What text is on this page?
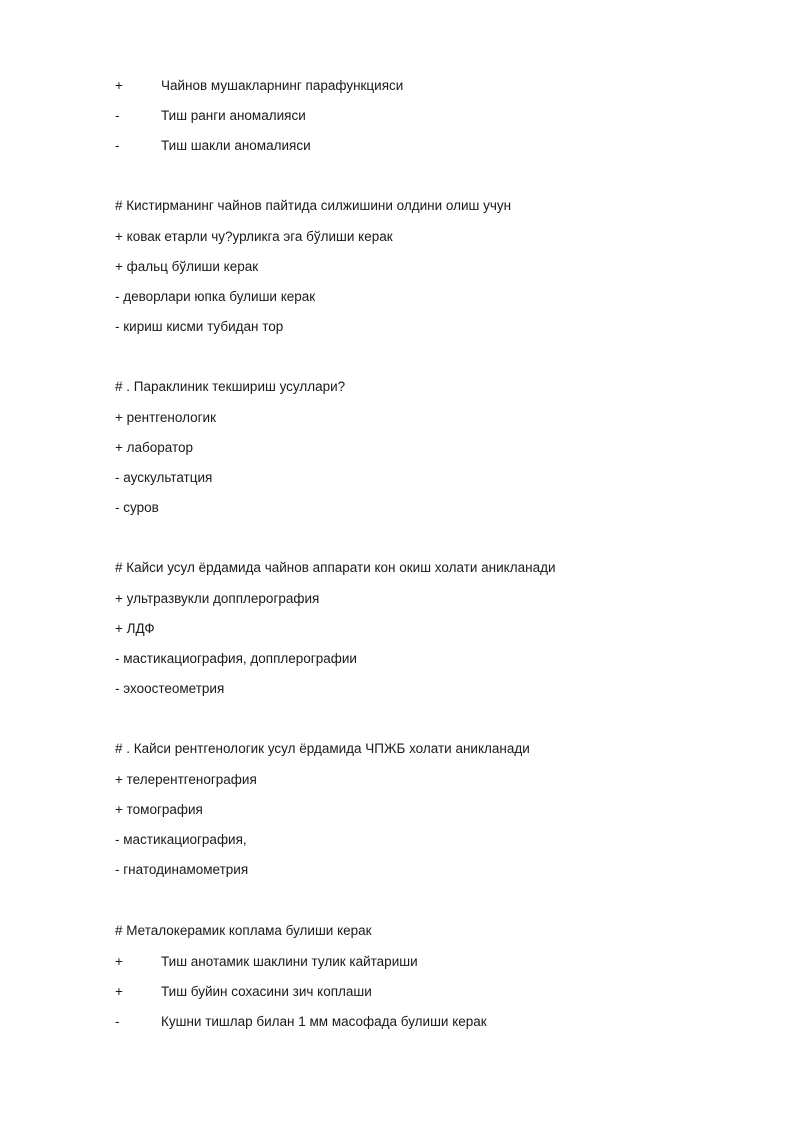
+	Чайнов мушакларнинг парафункцияси
-	Тиш ранги аномалияси
-	Тиш шакли аномалияси
# Кистирманинг чайнов пайтида силжишини олдини олиш учун
+ ковак етарли чу?урликга эга бўлиши керак
+ фальц бўлиши керак
- деворлари юпка булиши керак
- кириш кисми тубидан тор
# . Параклиник текшириш усуллари?
+ рентгенологик
+ лаборатор
- аускультатция
- суров
# Кайси усул ёрдамида чайнов аппарати кон окиш холати аникланади
+ ультразвукли допплерография
+ ЛДФ
- мастикациография, допплерографии
- эхоостеометрия
# . Кайси рентгенологик усул ёрдамида ЧПЖБ холати аникланади
+ телерентгенография
+ томография
- мастикациография,
- гнатодинамометрия
# Металокерамик коплама булиши керак
+	Тиш анотамик шаклини тулик кайтариши
+	Тиш буйин сохасини зич коплаши
-	Кушни тишлар билан 1 мм масофада булиши керак
